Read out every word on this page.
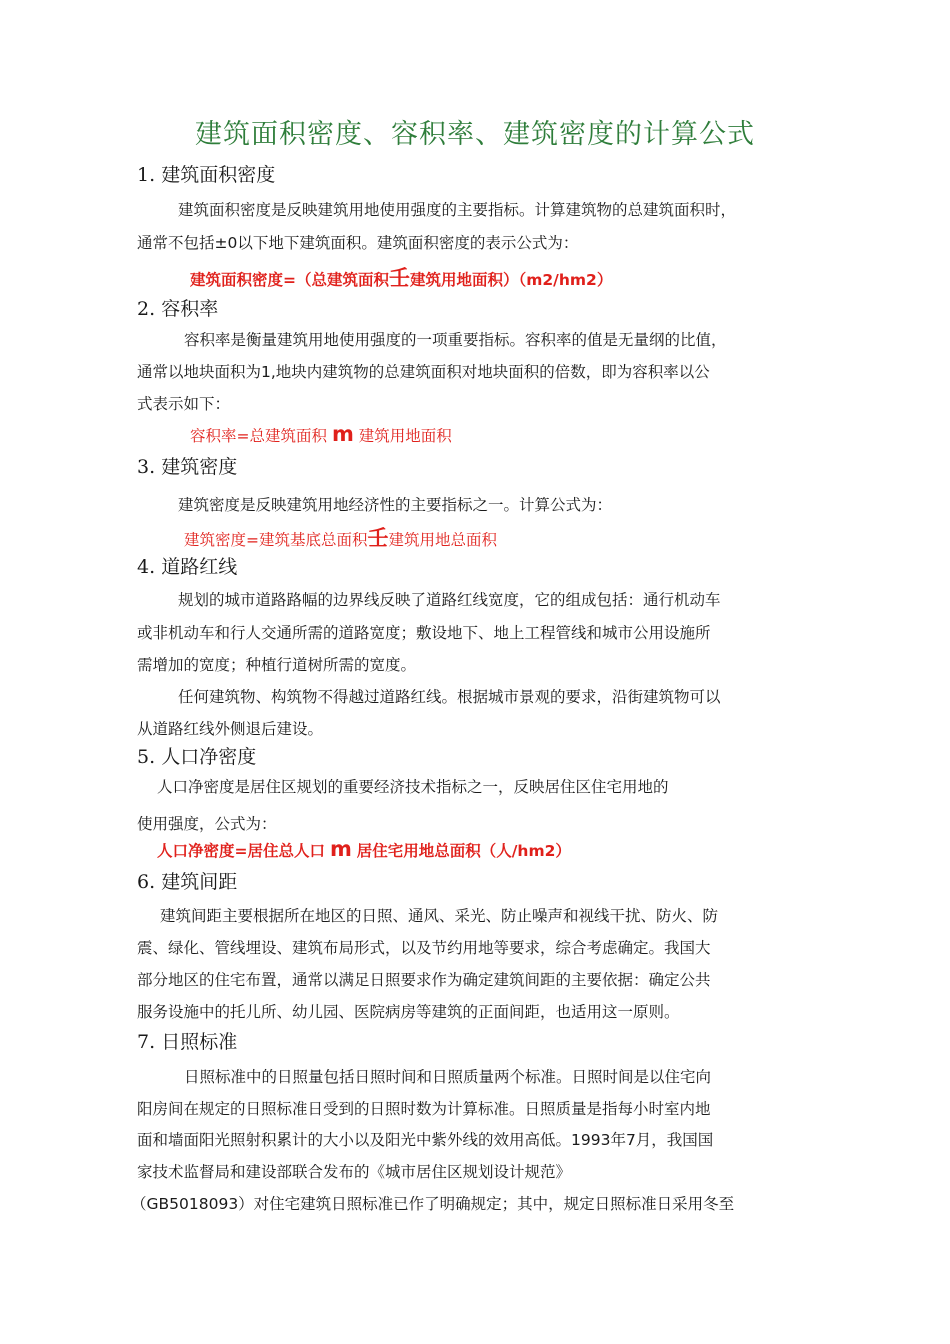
建筑面积密度、容积率、建筑密度的计算公式
1. 建筑面积密度
建筑面积密度是反映建筑用地使用强度的主要指标。计算建筑物的总建筑面积时，
通常不包括±0以下地下建筑面积。建筑面积密度的表示公式为：
建筑面积密度=（总建筑面积壬建筑用地面积）（m2/hm2）
2. 容积率
容积率是衡量建筑用地使用强度的一项重要指标。容积率的值是无量纲的比值，
通常以地块面积为1,地块内建筑物的总建筑面积对地块面积的倍数，即为容积率以公
式表示如下：
容积率=总建筑面积 m 建筑用地面积
3. 建筑密度
建筑密度是反映建筑用地经济性的主要指标之一。计算公式为：
建筑密度=建筑基底总面积壬建筑用地总面积
4. 道路红线
规划的城市道路路幅的边界线反映了道路红线宽度，它的组成包括：通行机动车
或非机动车和行人交通所需的道路宽度；敷设地下、地上工程管线和城市公用设施所
需增加的宽度；种植行道树所需的宽度。
任何建筑物、构筑物不得越过道路红线。根据城市景观的要求，沿街建筑物可以
从道路红线外侧退后建设。
5. 人口净密度
人口净密度是居住区规划的重要经济技术指标之一，反映居住区住宅用地的
使用强度，公式为：
人口净密度=居住总人口 m 居住宅用地总面积（人/hm2）
6. 建筑间距
建筑间距主要根据所在地区的日照、通风、采光、防止噪声和视线干扰、防火、防
震、绿化、管线埋设、建筑布局形式，以及节约用地等要求，综合考虑确定。我国大
部分地区的住宅布置，通常以满足日照要求作为确定建筑间距的主要依据：确定公共
服务设施中的托儿所、幼儿园、医院病房等建筑的正面间距，也适用这一原则。
7. 日照标准
日照标准中的日照量包括日照时间和日照质量两个标准。日照时间是以住宅向
阳房间在规定的日照标准日受到的日照时数为计算标准。日照质量是指每小时室内地
面和墙面阳光照射积累计的大小以及阳光中紫外线的效用高低。1993年7月，我国国
家技术监督局和建设部联合发布的《城市居住区规划设计规范》
（GB5018093）对住宅建筑日照标准已作了明确规定；其中，规定日照标准日采用冬至
